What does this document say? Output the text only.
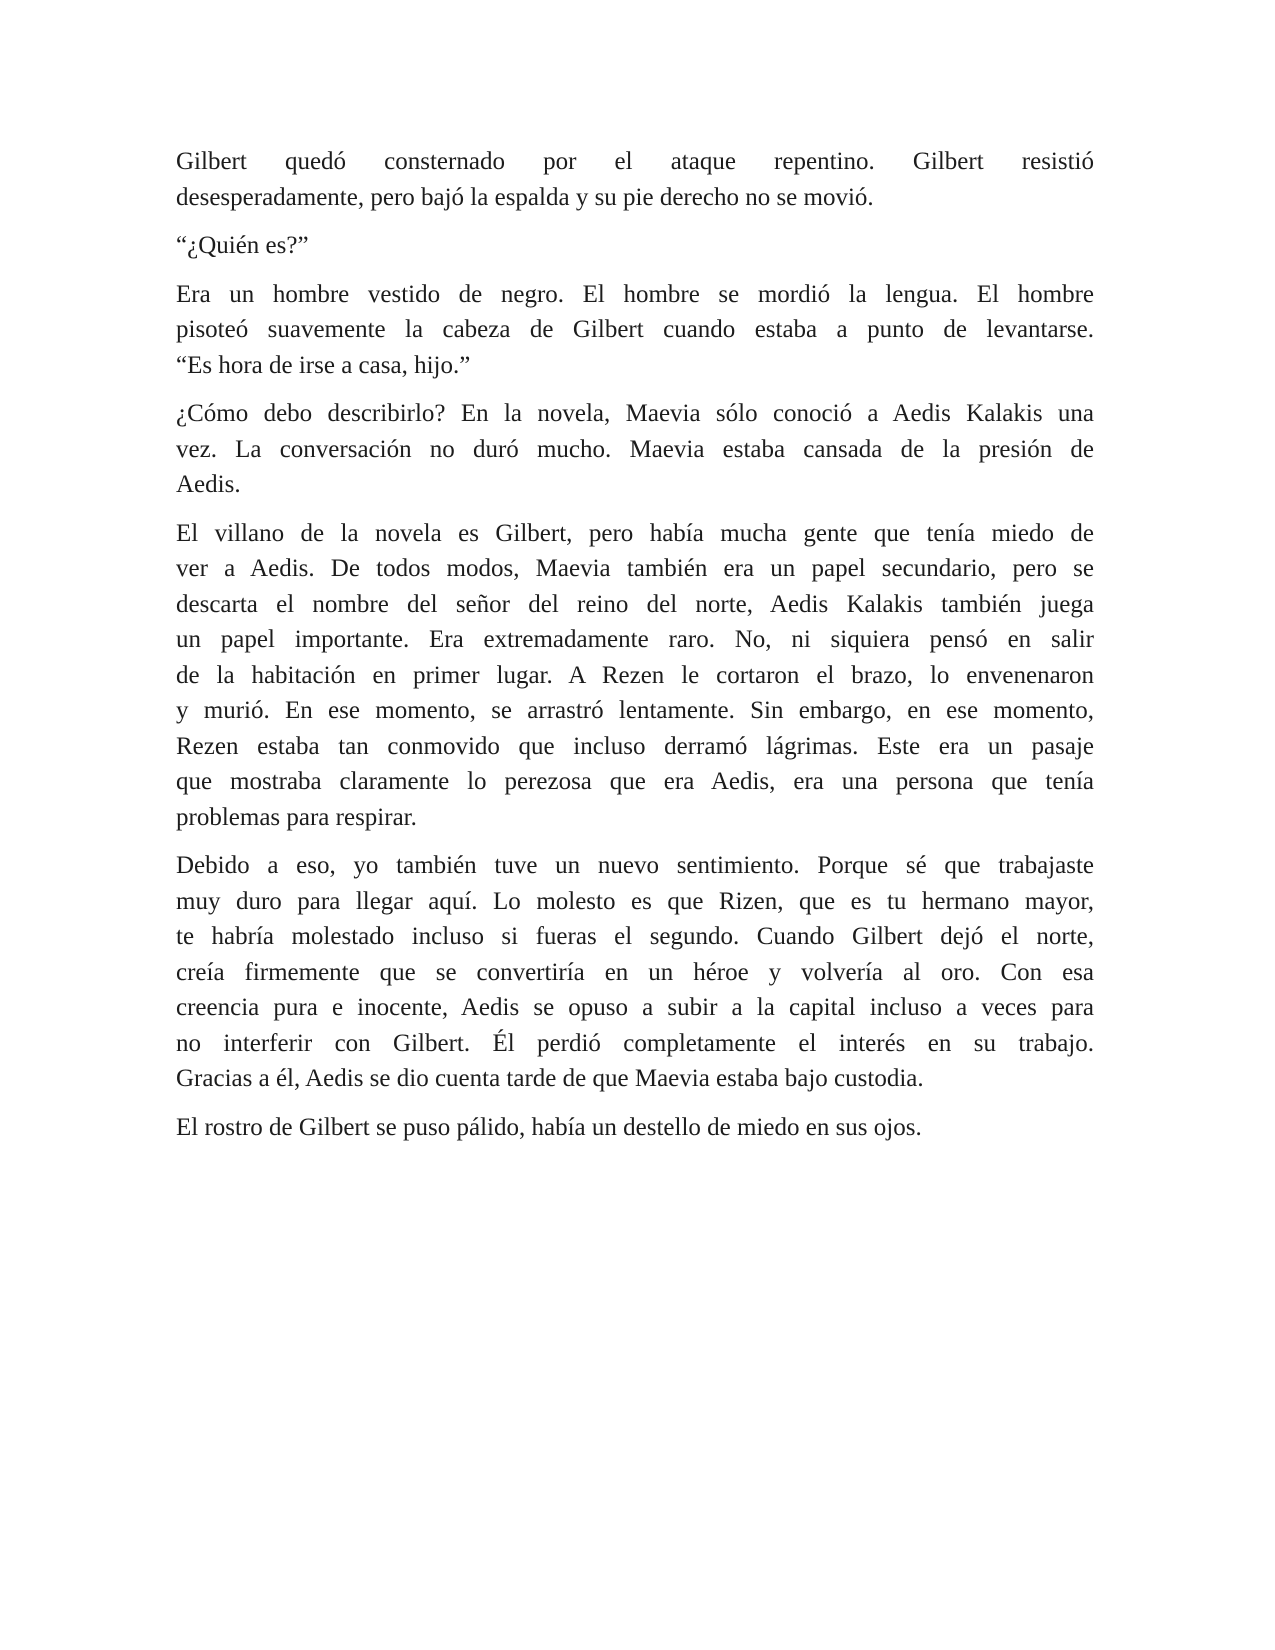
Gilbert quedó consternado por el ataque repentino. Gilbert resistió
desesperadamente, pero bajó la espalda y su pie derecho no se movió.

“¿Quién es?”

Era un hombre vestido de negro. El hombre se mordió la lengua. El hombre
pisoteó suavemente la cabeza de Gilbert cuando estaba a punto de levantarse.
“Es hora de irse a casa, hijo.”

¿Cómo debo describirlo? En la novela, Maevia sólo conoció a Aedis Kalakis una
vez. La conversación no duró mucho. Maevia estaba cansada de la presión de
Aedis.

El villano de la novela es Gilbert, pero había mucha gente que tenía miedo de
ver a Aedis. De todos modos, Maevia también era un papel secundario, pero se
descarta el nombre del señor del reino del norte, Aedis Kalakis también juega
un papel importante. Era extremadamente raro. No, ni siquiera pensó en salir
de la habitación en primer lugar. A Rezen le cortaron el brazo, lo envenenaron
y murió. En ese momento, se arrastró lentamente. Sin embargo, en ese momento,
Rezen estaba tan conmovido que incluso derramó lágrimas. Este era un pasaje
que mostraba claramente lo perezosa que era Aedis, era una persona que tenía
problemas para respirar.

Debido a eso, yo también tuve un nuevo sentimiento. Porque sé que trabajaste
muy duro para llegar aquí. Lo molesto es que Rizen, que es tu hermano mayor,
te habría molestado incluso si fueras el segundo. Cuando Gilbert dejó el norte,
creía firmemente que se convertiría en un héroe y volvería al oro. Con esa
creencia pura e inocente, Aedis se opuso a subir a la capital incluso a veces para
no interferir con Gilbert. Él perdió completamente el interés en su trabajo.
Gracias a él, Aedis se dio cuenta tarde de que Maevia estaba bajo custodia.

El rostro de Gilbert se puso pálido, había un destello de miedo en sus ojos.
